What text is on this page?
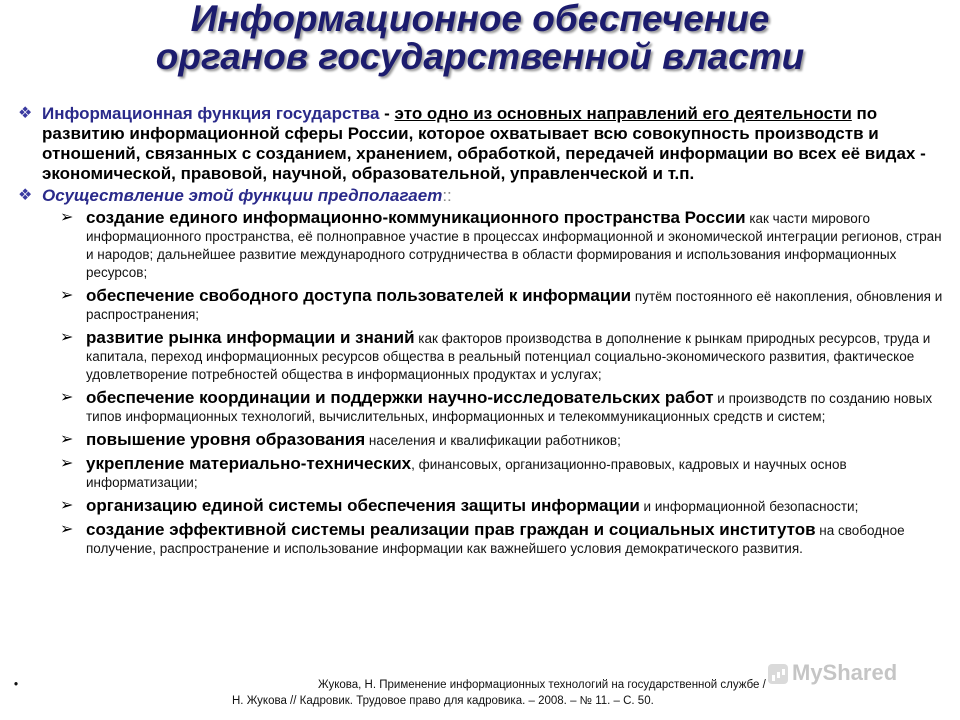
Информационное обеспечение
органов государственной власти
❖ Информационная функция государства - это одно из основных направлений его деятельности по развитию информационной сферы России, которое охватывает всю совокупность производств и отношений, связанных с созданием, хранением, обработкой, передачей информации во всех её видах - экономической, правовой, научной, образовательной, управленческой и т.п.
❖ Осуществление этой функции предполагает::
➢ создание единого информационно-коммуникационного пространства России как части мирового информационного пространства, её полноправное участие в процессах информационной и экономической интеграции регионов, стран и народов; дальнейшее развитие международного сотрудничества в области формирования и использования информационных ресурсов;
➢ обеспечение свободного доступа пользователей к информации путём постоянного её накопления, обновления и распространения;
➢ развитие рынка информации и знаний как факторов производства в дополнение к рынкам природных ресурсов, труда и капитала, переход информационных ресурсов общества в реальный потенциал социально-экономического развития, фактическое удовлетворение потребностей общества в информационных продуктах и услугах;
➢ обеспечение координации и поддержки научно-исследовательских работ и производств по созданию новых типов информационных технологий, вычислительных, информационных и телекоммуникационных средств и систем;
➢ повышение уровня образования населения и квалификации работников;
➢ укрепление материально-технических, финансовых, организационно-правовых, кадровых и научных основ информатизации;
➢ организацию единой системы обеспечения защиты информации и информационной безопасности;
➢ создание эффективной системы реализации прав граждан и социальных институтов на свободное получение, распространение и использование информации как важнейшего условия демократического развития.
MyShared
•	Жукова, Н. Применение информационных технологий на государственной службе /
Н. Жукова // Кадровик. Трудовое право для кадровика. – 2008. – № 11. – С. 50.
